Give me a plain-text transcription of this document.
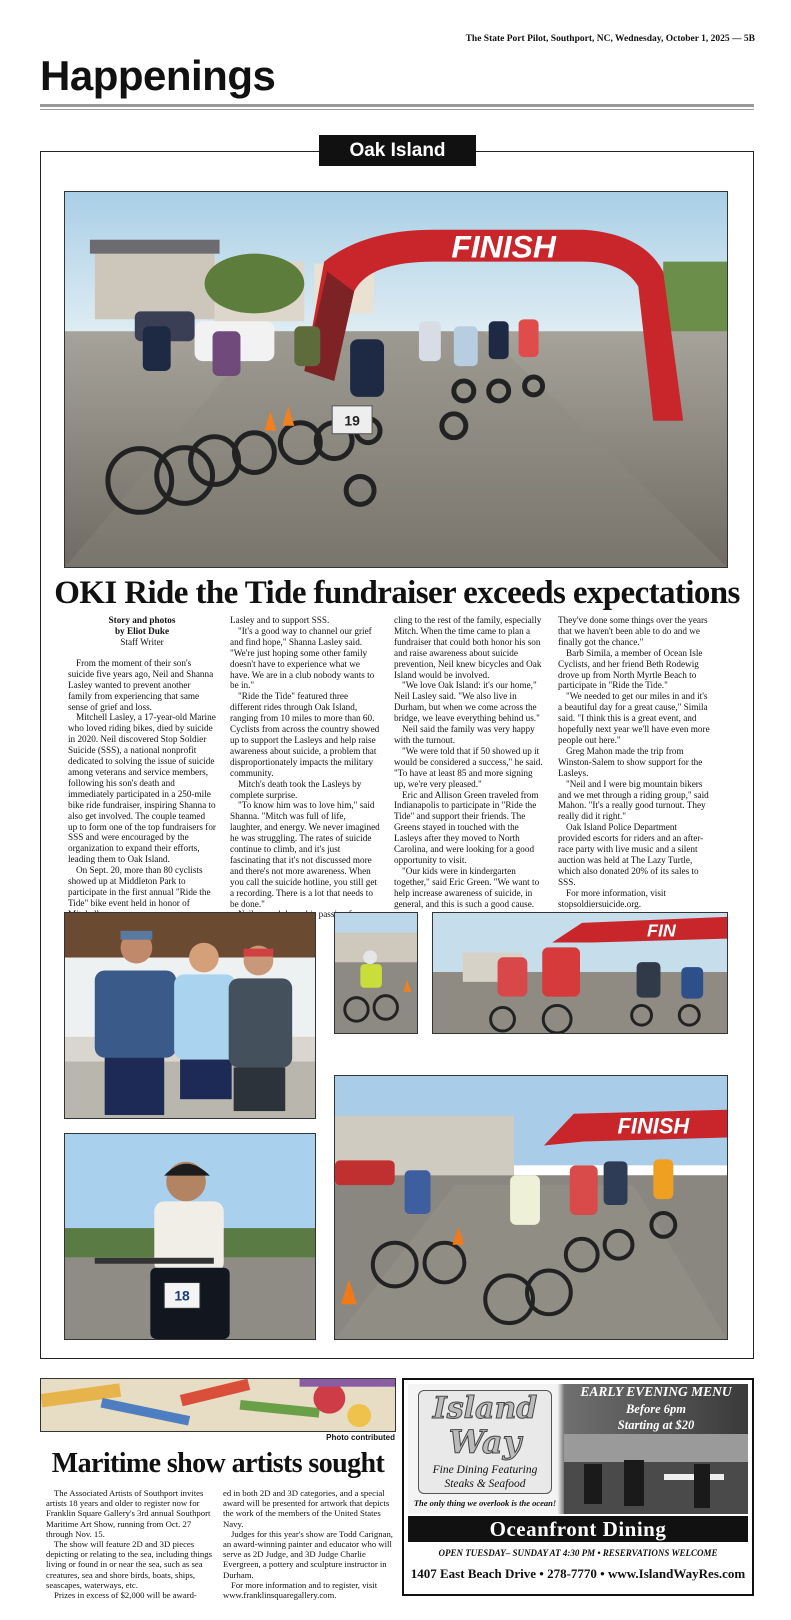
The State Port Pilot, Southport, NC, Wednesday, October 1, 2025 — 5B
Happenings
Oak Island
FINISH
19
OKI Ride the Tide fundraiser exceeds expectations

Story and photos

by Eliot Duke

Staff Writer

From the moment of their son's suicide five years ago, Neil and Shanna Lasley wanted to prevent another family from experiencing that same sense of grief and loss.

Mitchell Lasley, a 17-year-old Marine who loved riding bikes, died by suicide in 2020. Neil discovered Stop Soldier Suicide (SSS), a national nonprofit dedicated to solving the issue of suicide among veterans and service members, following his son's death and immediately participated in a 250-mile bike ride fundraiser, inspiring Shanna to also get involved. The couple teamed up to form one of the top fundraisers for SSS and were encouraged by the organization to expand their efforts, leading them to Oak Island.

On Sept. 20, more than 80 cyclists showed up at Middleton Park to participate in the first annual "Ride the Tide" bike event held in honor of

Lasley and to support SSS.

"It's a good way to channel our grief and find hope," Shanna Lasley said. "We're just hoping some other family doesn't have to experience what we have. We are in a club nobody wants to be in."

"Ride the Tide" featured three different rides through Oak Island, ranging from 10 miles to more than 60. Cyclists from across the country showed up to support the Lasleys and help raise awareness about suicide, a problem that disproportionately impacts the military community.

Mitch's death took the Lasleys by complete surprise.

"To know him was to love him," said Shanna. "Mitch was full of life, laughter, and energy. We never imagined he was struggling. The rates of suicide continue to climb, and it's just fascinating that it's not discussed more and there's not more awareness. When you call the suicide hotline, you still get a recording. There is a lot that needs to be done."

passion

cling to the rest of the family, especially Mitch. When the time came to plan a fundraiser that could both honor his son and raise awareness about suicide prevention, Neil knew bicycles and Oak Island would be involved.

"We love Oak Island: it's our home," Neil Lasley said. "We also live in Durham, but when we come across the bridge, we leave everything behind us."

Neil said the family was very happy with the turnout.

"We were told that if 50 showed up it would be considered a success," he said. "To have at least 85 and more signing up, we're very pleased."

Eric and Allison Green traveled from Indianapolis to participate in "Ride the Tide" and support their friends. The Greens stayed in touched with the Lasleys after they moved to North Carolina, and were looking for a good opportunity to visit.

"Our kids were in kindergarten together," said Eric Green. "We want to help increase awareness of suicide, in general, and this is such a good cause.

They've done some things over the years that we haven't been able to do and we finally got the chance."

Barb Simila, a member of Ocean Isle Cyclists, and her friend Beth Rodewig drove up from North Myrtle Beach to participate in "Ride the Tide."

"We needed to get our miles in and it's a beautiful day for a great cause," Simila said. "I think this is a great event, and hopefully next year we'll have even more people out here."

Greg Mahon made the trip from Winston-Salem to show support for the Lasleys.

"Neil and I were big mountain bikers and we met through a riding group," said Mahon. "It's a really good turnout. They really did it right."

Oak Island Police Department provided escorts for riders and an after-race party with live music and a silent auction was held at The Lazy Turtle, which also donated 20% of its sales to SSS.

For more information, visit stopsoldiersuicide.org.

FIN
18
FINISH
Photo contributed
Maritime show artists sought

The Associated Artists of Southport invites artists 18 years and older to register now for Franklin Square Gallery's 3rd annual Southport Maritime Art Show, running from Oct. 27 through Nov. 15.

The show will feature 2D and 3D pieces depicting or relating to the sea, including things living or found in or near the sea, such as sea creatures, sea and shore birds, boats, ships, seascapes, waterways, etc.

Prizes in excess of $2,000 will be award-

ed in both 2D and 3D categories, and a special award will be presented for artwork that depicts the work of the members of the United States Navy.

Judges for this year's show are Todd Carignan, an award-winning painter and educator who will serve as 2D Judge, and 3D Judge Charlie Evergreen, a pottery and sculpture instructor in Durham.

For more information and to register, visit www.franklinsquaregallery.com.

Island
Way
Fine Dining Featuring
Steaks & Seafood
The only thing we overlook is the ocean!
EARLY EVENING MENU
Before 6pm
Starting at $20
Oceanfront Dining
OPEN TUESDAY– SUNDAY AT 4:30 PM • RESERVATIONS WELCOME
1407 East Beach Drive • 278-7770 • www.IslandWayRes.com
